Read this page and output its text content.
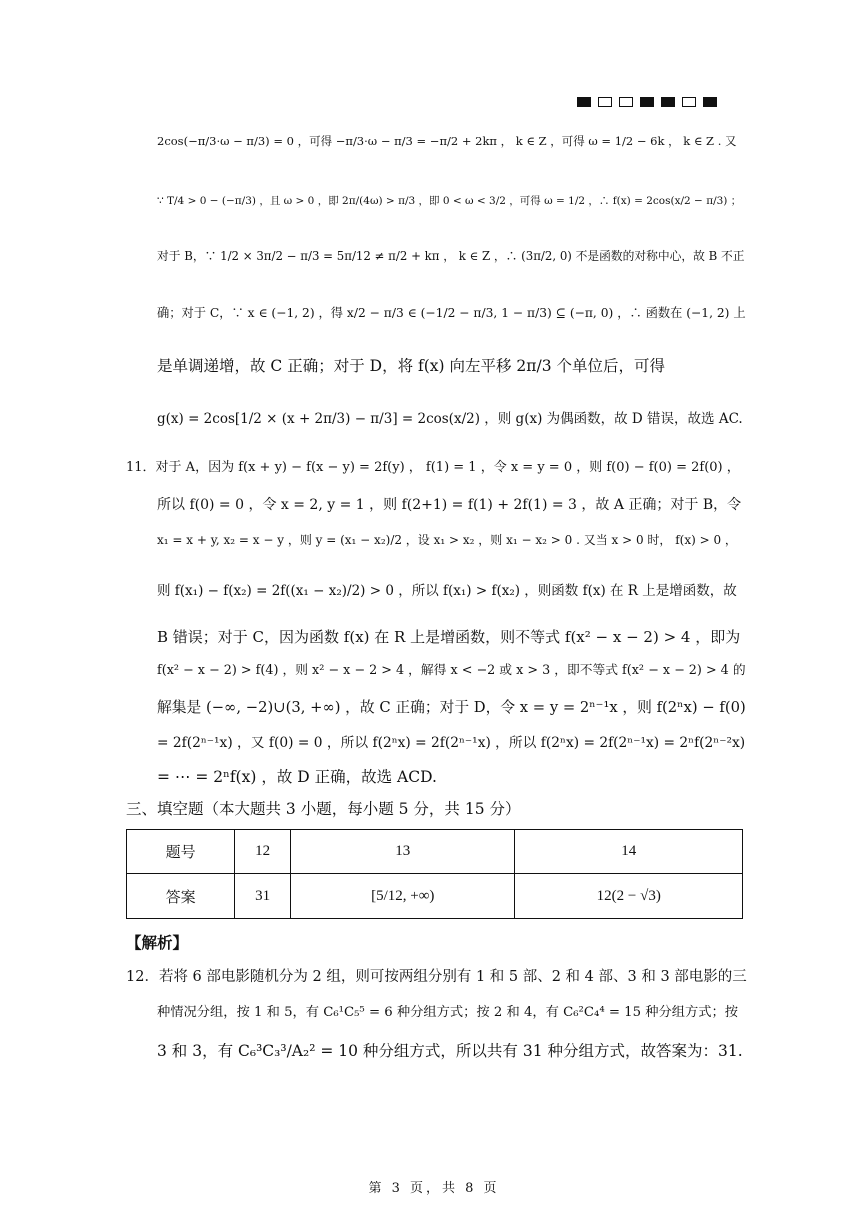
2cos(−π/3·ω − π/3) = 0 ，可得 −π/3·ω − π/3 = −π/2 + 2kπ ， k ∈ Z ，可得 ω = 1/2 − 6k ， k ∈ Z . 又
∵ T/4 > 0 − (−π/3) ，且 ω > 0 ，即 2π/(4ω) > π/3 ，即 0 < ω < 3/2 ，可得 ω = 1/2 ，∴ f(x) = 2cos(x/2 − π/3) ；
对于 B，∵ 1/2 × 3π/2 − π/3 = 5π/12 ≠ π/2 + kπ ， k ∈ Z ，∴ (3π/2, 0) 不是函数的对称中心，故 B 不正
确；对于 C，∵ x ∈ (−1, 2) ，得 x/2 − π/3 ∈ (−1/2 − π/3, 1 − π/3) ⊆ (−π, 0) ，∴ 函数在 (−1, 2) 上
是单调递增，故 C 正确；对于 D，将 f(x) 向左平移 2π/3 个单位后，可得
g(x) = 2cos[1/2 × (x + 2π/3) − π/3] = 2cos(x/2) ，则 g(x) 为偶函数，故 D 错误，故选 AC.
11．对于 A，因为 f(x + y) − f(x − y) = 2f(y) ， f(1) = 1 ，令 x = y = 0 ，则 f(0) − f(0) = 2f(0) ，
所以 f(0) = 0 ，令 x = 2, y = 1 ，则 f(2+1) = f(1) + 2f(1) = 3 ，故 A 正确；对于 B，令
x₁ = x + y, x₂ = x − y ，则 y = (x₁ − x₂)/2 ，设 x₁ > x₂ ，则 x₁ − x₂ > 0 . 又当 x > 0 时， f(x) > 0 ，
则 f(x₁) − f(x₂) = 2f((x₁ − x₂)/2) > 0 ，所以 f(x₁) > f(x₂) ，则函数 f(x) 在 R 上是增函数，故
B 错误；对于 C，因为函数 f(x) 在 R 上是增函数，则不等式 f(x² − x − 2) > 4 ，即为
f(x² − x − 2) > f(4) ，则 x² − x − 2 > 4 ，解得 x < −2 或 x > 3 ，即不等式 f(x² − x − 2) > 4 的
解集是 (−∞, −2)∪(3, +∞) ，故 C 正确；对于 D，令 x = y = 2ⁿ⁻¹x ，则 f(2ⁿx) − f(0)
= 2f(2ⁿ⁻¹x) ，又 f(0) = 0 ，所以 f(2ⁿx) = 2f(2ⁿ⁻¹x) ，所以 f(2ⁿx) = 2f(2ⁿ⁻¹x) = 2ⁿf(2ⁿ⁻²x)
= ⋯ = 2ⁿf(x) ，故 D 正确，故选 ACD.
12．若将 6 部电影随机分为 2 组，则可按两组分别有 1 和 5 部、2 和 4 部、3 和 3 部电影的三
种情况分组，按 1 和 5，有 C₆¹C₅⁵ = 6 种分组方式；按 2 和 4，有 C₆²C₄⁴ = 15 种分组方式；按
3 和 3，有 C₆³C₃³/A₂² = 10 种分组方式，所以共有 31 种分组方式，故答案为：31.
三、填空题（本大题共 3 小题，每小题 5 分，共 15 分）
题号	12	13	14
答案	31	[5/12, +∞)	12(2 − √3)
【解析】
第 3 页，共 8 页
